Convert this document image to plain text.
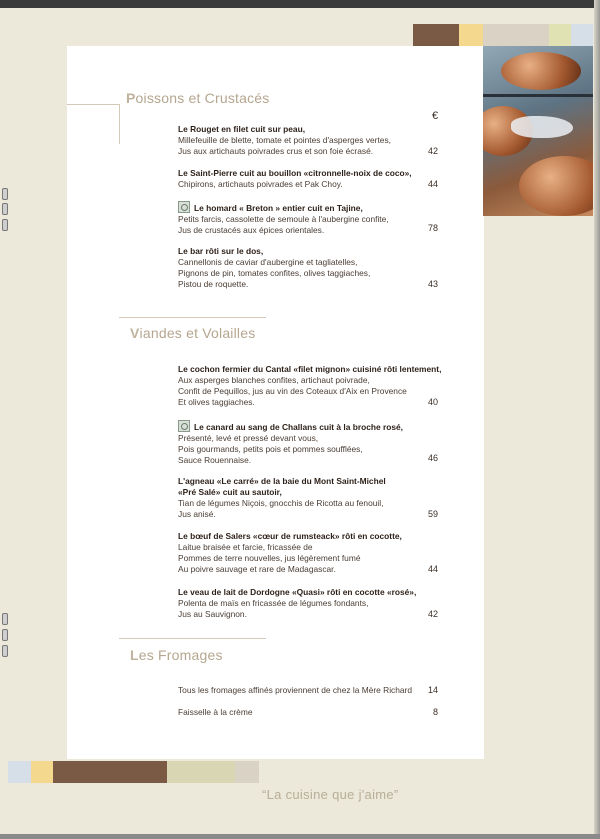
Poissons et Crustacés
Viandes et Volailles
Les Fromages
€
Le Rouget en filet cuit sur peau,
Millefeuille de blette, tomate et pointes d'asperges vertes,
Jus aux artichauts poivrades crus et son foie écrasé.	42
Le Saint-Pierre cuit au bouillon «citronnelle-noix de coco»,
Chipirons, artichauts poivrades et Pak Choy.	44
Le homard « Breton » entier cuit en Tajine,
Petits farcis, cassolette de semoule à l'aubergine confite,
Jus de crustacés aux épices orientales.	78
Le bar rôti sur le dos,
Cannellonis de caviar d'aubergine et tagliatelles,
Pignons de pin, tomates confites, olives taggiaches,
Pistou de roquette.	43
Le cochon fermier du Cantal «filet mignon» cuisiné rôti lentement,
Aux asperges blanches confites, artichaut poivrade,
Confit de Pequillos, jus au vin des Coteaux d'Aix en Provence
Et olives taggiaches.	40
Le canard au sang de Challans cuit à la broche rosé,
Présenté, levé et pressé devant vous,
Pois gourmands, petits pois et pommes soufflées,
Sauce Rouennaise.	46
L'agneau «Le carré» de la baie du Mont Saint-Michel
«Pré Salé» cuit au sautoir,
Tian de légumes Niçois, gnocchis de Ricotta au fenouil,
Jus anisé.	59
Le bœuf de Salers «cœur de rumsteack» rôti en cocotte,
Laitue braisée et farcie, fricassée de
Pommes de terre nouvelles, jus légèrement fumé
Au poivre sauvage et rare de Madagascar.	44
Le veau de lait de Dordogne «Quasi» rôti en cocotte «rosé»,
Polenta de maïs en fricassée de légumes fondants,
Jus au Sauvignon.	42
Tous les fromages affinés proviennent de chez la Mère Richard 14
Faisselle à la crème	8
“La cuisine que j'aime”
